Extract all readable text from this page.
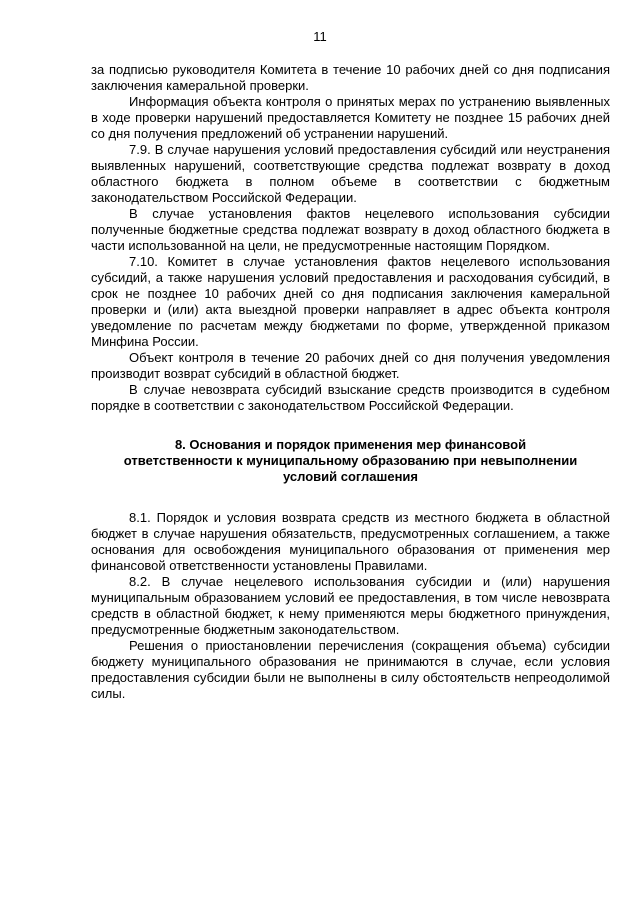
11

за подписью руководителя Комитета в течение 10 рабочих дней со дня подписания заключения камеральной проверки.

Информация объекта контроля о принятых мерах по устранению выявленных в ходе проверки нарушений предоставляется Комитету не позднее 15 рабочих дней со дня получения предложений об устранении нарушений.

7.9. В случае нарушения условий предоставления субсидий или неустранения выявленных нарушений, соответствующие средства подлежат возврату в доход областного бюджета в полном объеме в соответствии с бюджетным законодательством Российской Федерации.

В случае установления фактов нецелевого использования субсидии полученные бюджетные средства подлежат возврату в доход областного бюджета в части использованной на цели, не предусмотренные настоящим Порядком.

7.10. Комитет в случае установления фактов нецелевого использования субсидий, а также нарушения условий предоставления и расходования субсидий, в срок не позднее 10 рабочих дней со дня подписания заключения камеральной проверки и (или) акта выездной проверки направляет в адрес объекта контроля уведомление по расчетам между бюджетами по форме, утвержденной приказом Минфина России.

Объект контроля в течение 20 рабочих дней со дня получения уведомления производит возврат субсидий в областной бюджет.

В случае невозврата субсидий взыскание средств производится в судебном порядке в соответствии с законодательством Российской Федерации.

8. Основания и порядок применения мер финансовой

ответственности к муниципальному образованию при невыполнении

условий соглашения

8.1. Порядок и условия возврата средств из местного бюджета в областной бюджет в случае нарушения обязательств, предусмотренных соглашением, а также основания для освобождения муниципального образования от применения мер финансовой ответственности установлены Правилами.

8.2. В случае нецелевого использования субсидии и (или) нарушения муниципальным образованием условий ее предоставления, в том числе невозврата средств в областной бюджет, к нему применяются меры бюджетного принуждения, предусмотренные бюджетным законодательством.

Решения о приостановлении перечисления (сокращения объема) субсидии бюджету муниципального образования не принимаются в случае, если условия предоставления субсидии были не выполнены в силу обстоятельств непреодолимой силы.
